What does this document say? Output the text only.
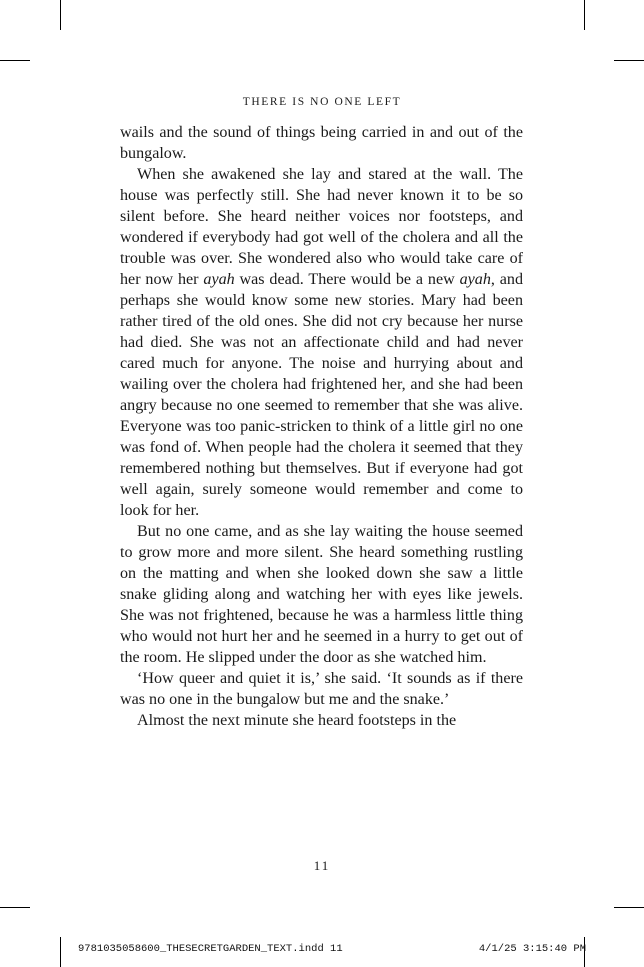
THERE IS NO ONE LEFT

wails and the sound of things being carried in and out of the bungalow.

When she awakened she lay and stared at the wall. The house was perfectly still. She had never known it to be so silent before. She heard neither voices nor footsteps, and wondered if everybody had got well of the cholera and all the trouble was over. She wondered also who would take care of her now her ayah was dead. There would be a new ayah, and perhaps she would know some new stories. Mary had been rather tired of the old ones. She did not cry because her nurse had died. She was not an affectionate child and had never cared much for anyone. The noise and hurrying about and wailing over the cholera had frightened her, and she had been angry because no one seemed to remember that she was alive. Everyone was too panic-stricken to think of a little girl no one was fond of. When people had the cholera it seemed that they remembered nothing but themselves. But if everyone had got well again, surely someone would remember and come to look for her.

But no one came, and as she lay waiting the house seemed to grow more and more silent. She heard something rustling on the matting and when she looked down she saw a little snake gliding along and watching her with eyes like jewels. She was not frightened, because he was a harmless little thing who would not hurt her and he seemed in a hurry to get out of the room. He slipped under the door as she watched him.

‘How queer and quiet it is,’ she said. ‘It sounds as if there was no one in the bungalow but me and the snake.’

Almost the next minute she heard footsteps in the

11
9781035058600_THESECRETGARDEN_TEXT.indd 11	4/1/25 3:15:40 PM
